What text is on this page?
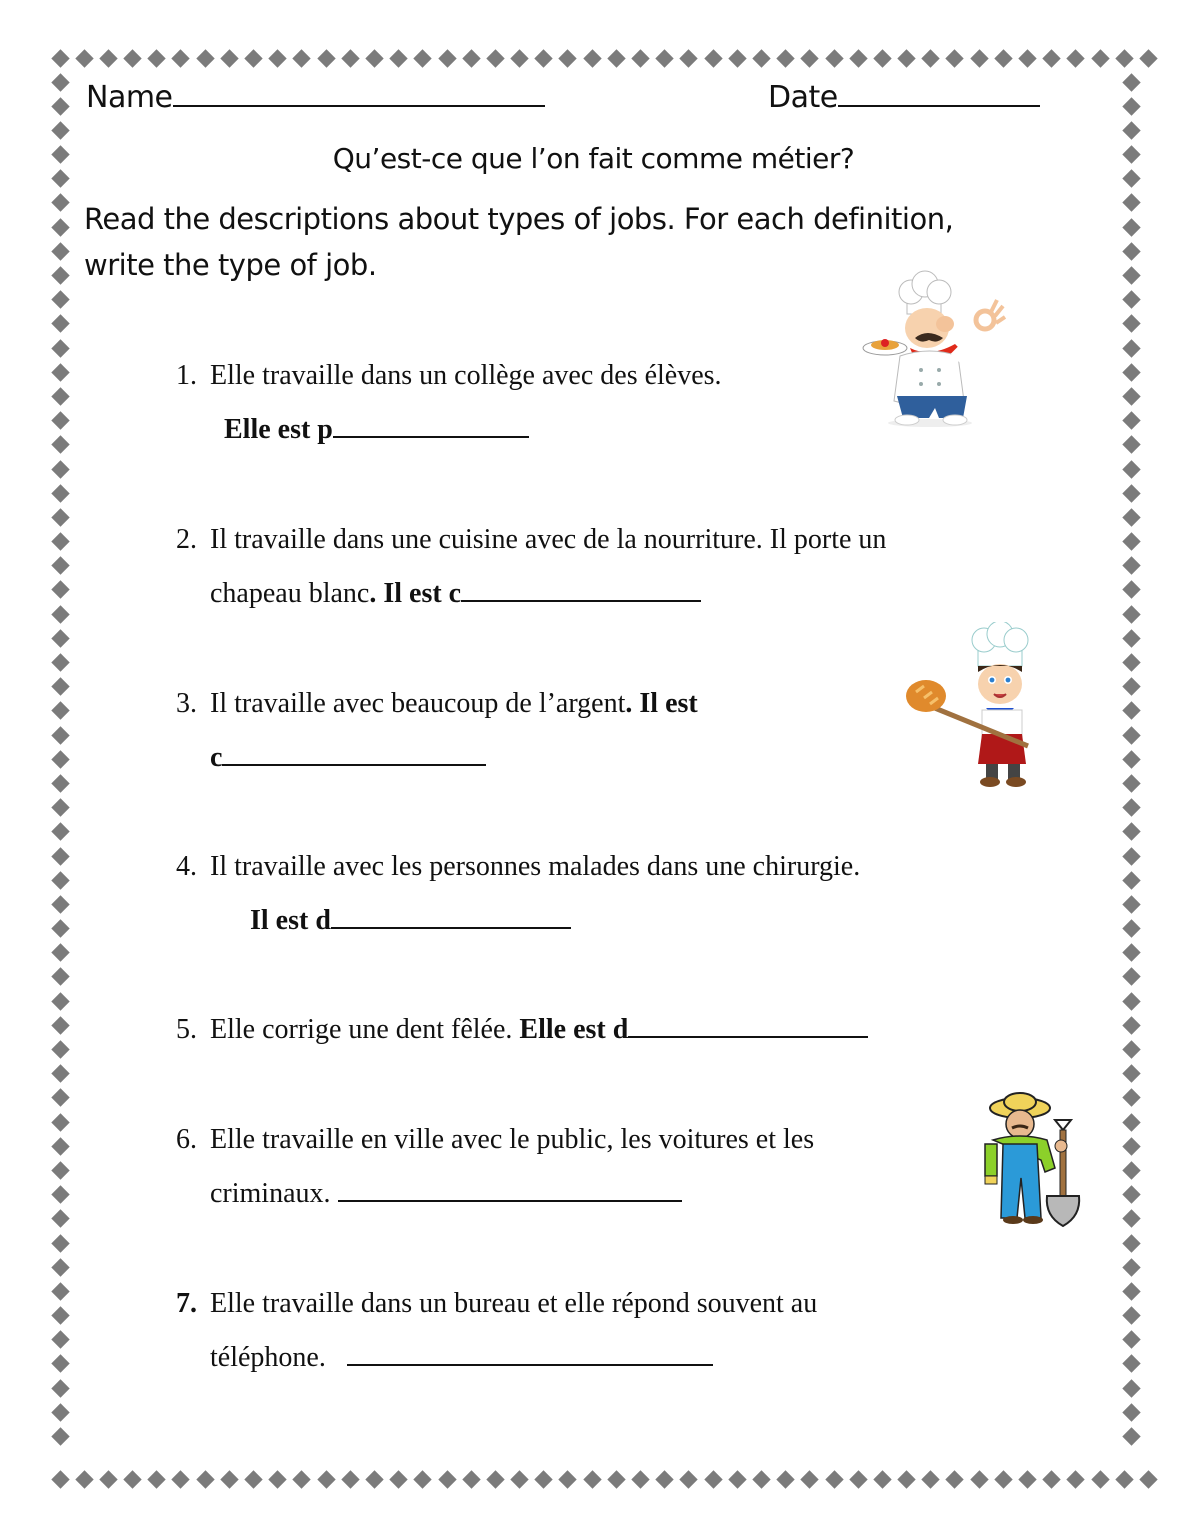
Name	Date
Qu’est-ce que l’on fait comme métier?
Read the descriptions about types of jobs. For each definition,
write the type of job.
1. Elle travaille dans un collège avec des élèves.
Elle est p
2. Il travaille dans une cuisine avec de la nourriture. Il porte un
chapeau blanc. Il est c
3. Il travaille avec beaucoup de l’argent. Il est
c
4. Il travaille avec les personnes malades dans une chirurgie.
Il est d
5. Elle corrige une dent fêlée. Elle est d
6. Elle travaille en ville avec le public, les voitures et les
criminaux.
7. Elle travaille dans un bureau et elle répond souvent au
téléphone.
